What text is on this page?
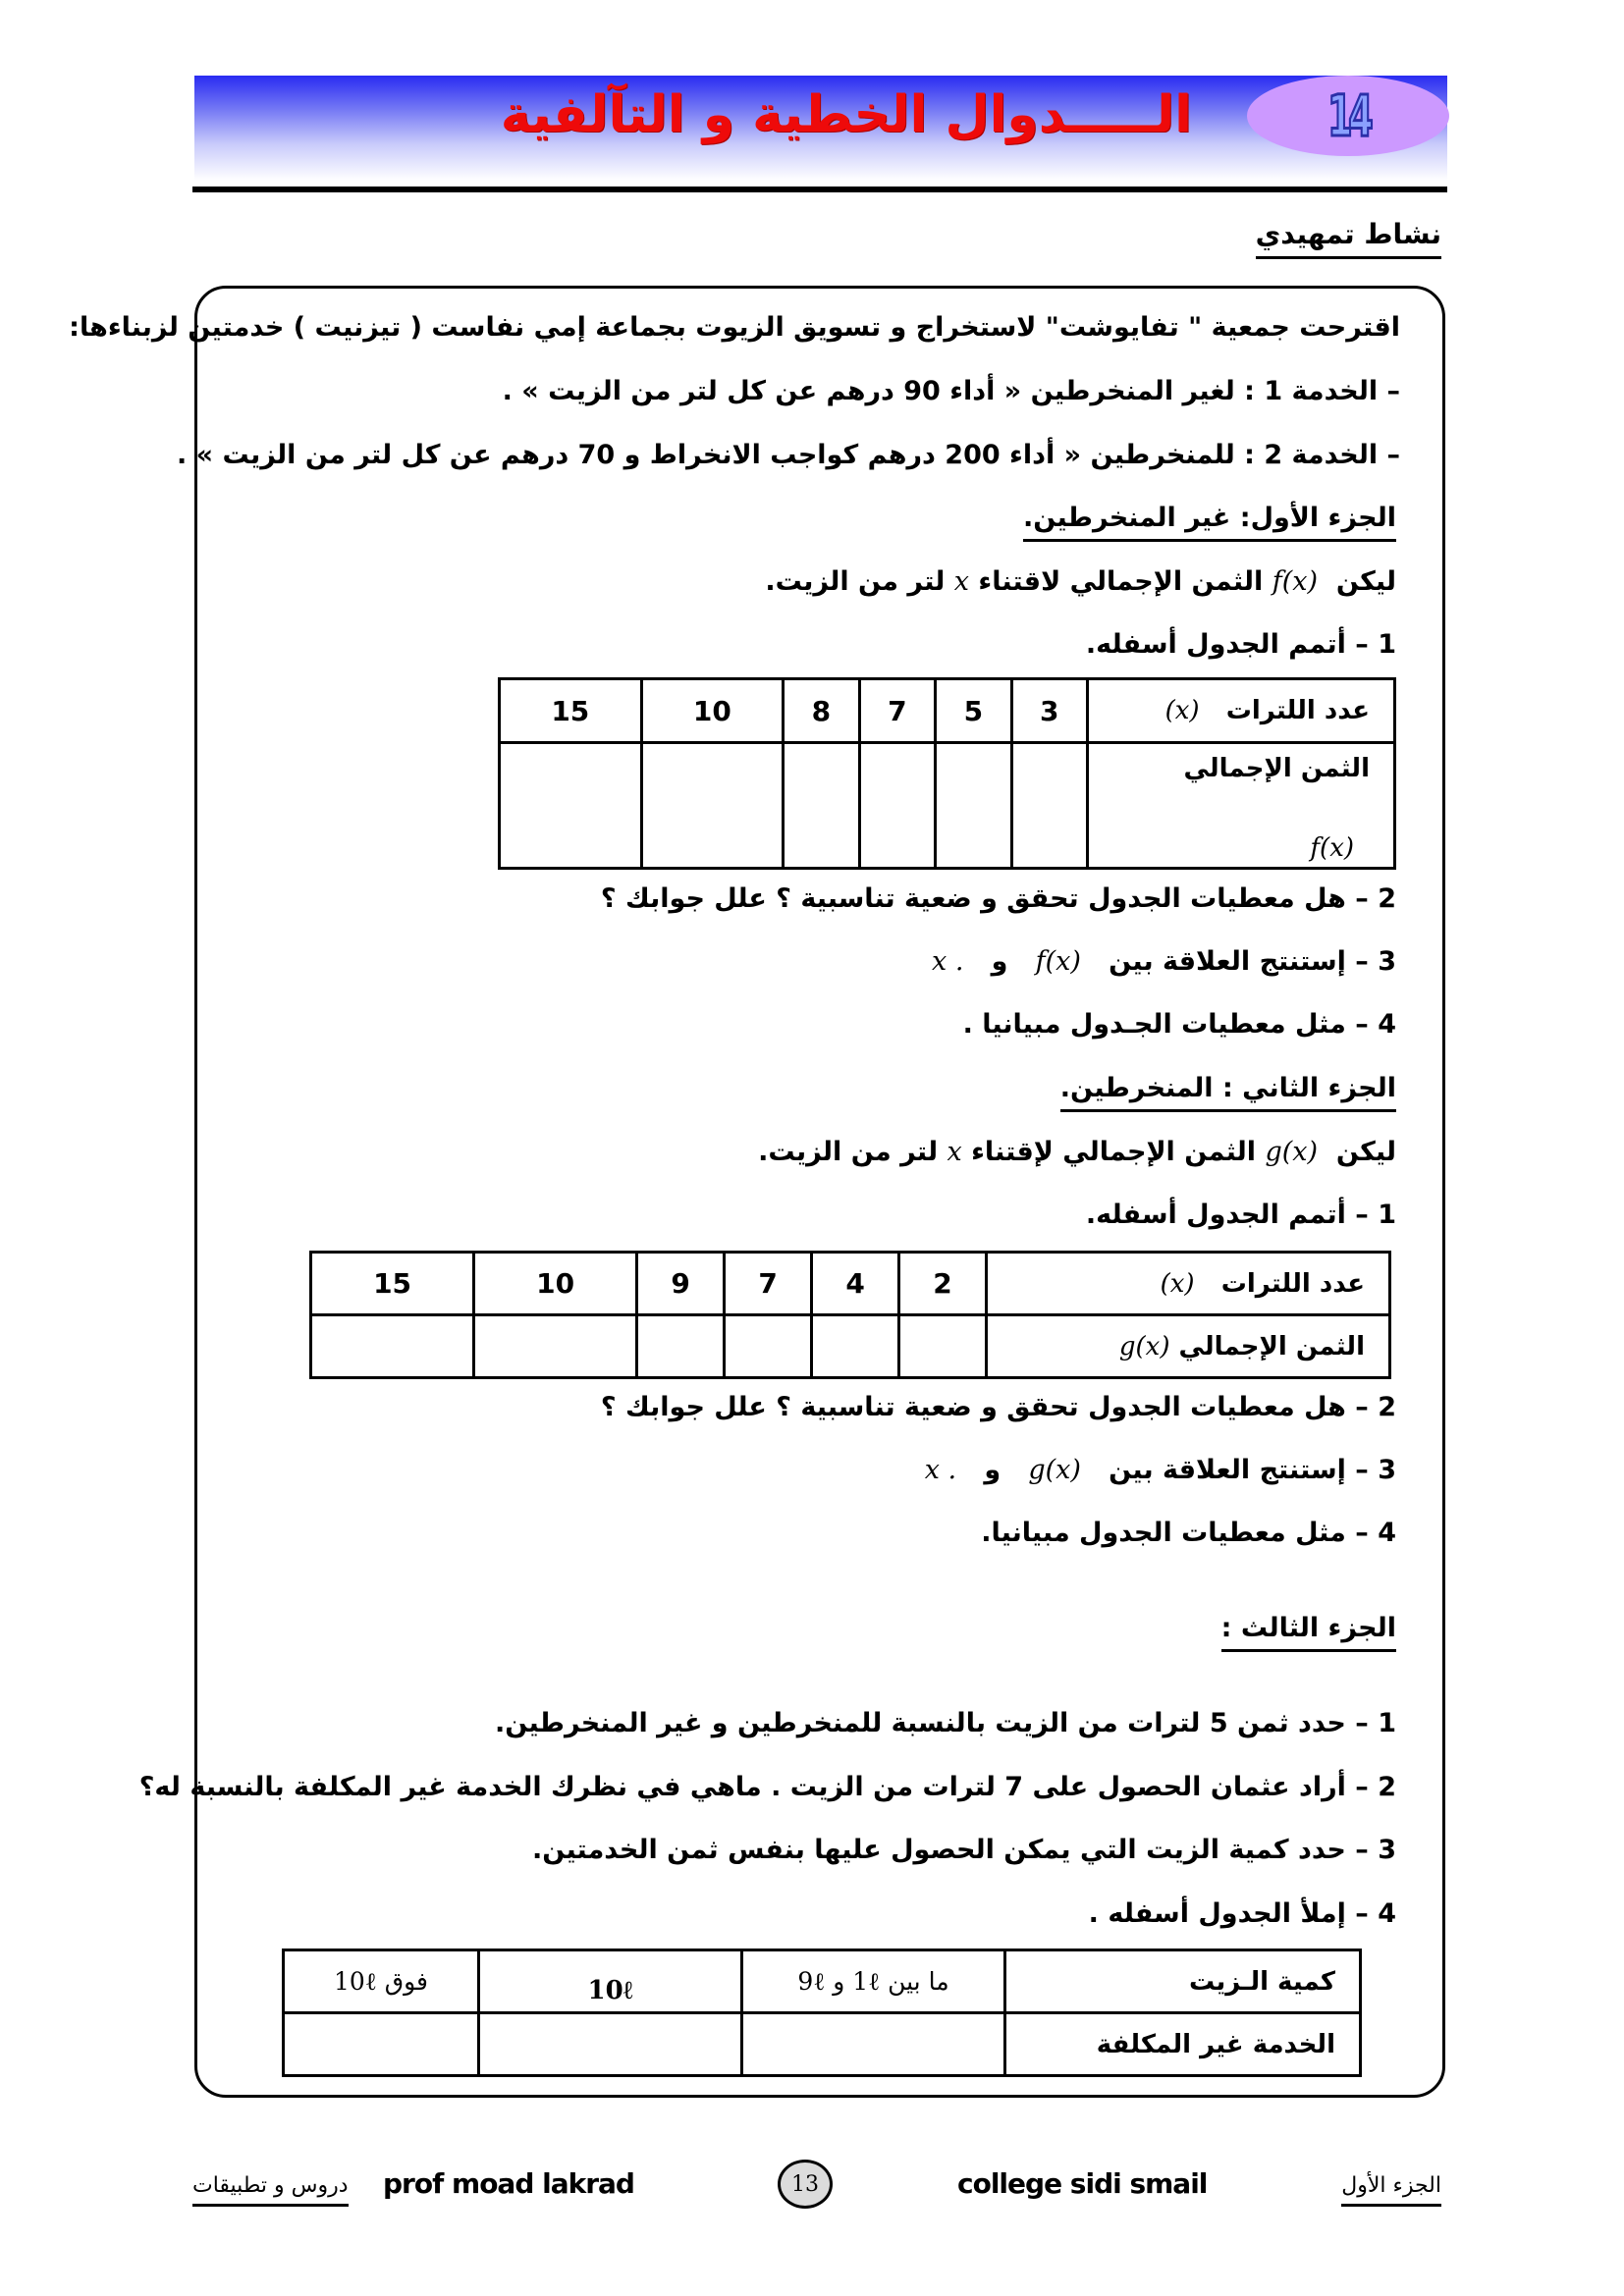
الـــــدوال الخطية و التآلفية 14
نشاط تمهيدي
اقترحت جمعية " تفايوشت" لاستخراج و تسويق الزيوت بجماعة إمي نفاست ( تيزنيت ) خدمتين لزبناءها:
– الخدمة 1 : لغير المنخرطين « أداء 90 درهم عن كل لتر من الزيت » .
– الخدمة 2 : للمنخرطين « أداء 200 درهم كواجب الانخراط و 70 درهم عن كل لتر من الزيت » .
الجزء الأول: غير المنخرطين.
ليكن  f(x) الثمن الإجمالي لاقتناء x لتر من الزيت.
1 – أتمم الجدول أسفله.
عدد اللترات   (x)	3	5	7	8	10	15

الثمن الإجمالي
f(x)						

2 – هل معطيات الجدول تحقق و ضعية تناسبية ؟ علل جوابك ؟
3 – إستنتج العلاقة بين   f(x)   و   x .
4 – مثل معطيات الجـدول مبيانيا .
الجزء الثاني : المنخرطين.
ليكن  g(x) الثمن الإجمالي لإقتناء x لتر من الزيت.
1 – أتمم الجدول أسفله.
عدد اللترات   (x)	2	4	7	9	10	15
الثمن الإجمالي g(x)						
2 – هل معطيات الجدول تحقق و ضعية تناسبية ؟ علل جوابك ؟
3 – إستنتج العلاقة بين   g(x)   و   x .
4 – مثل معطيات الجدول مبيانيا.
الجزء الثالث :
1 – حدد ثمن 5 لترات من الزيت بالنسبة للمنخرطين و غير المنخرطين.
2 – أراد عثمان الحصول على 7 لترات من الزيت . ماهي في نظرك الخدمة غير المكلفة بالنسبة له؟
3 – حدد كمية الزيت التي يمكن الحصول عليها بنفس ثمن الخدمتين.
4 – إملأ الجدول أسفله .
كمية الـزيت	ما بين 1ℓ و 9ℓ	10ℓ	فوق 10ℓ
الخدمة غير المكلفة			
دروس و تطبيقات prof moad lakrad	13	college sidi smail	الجزء الأول
